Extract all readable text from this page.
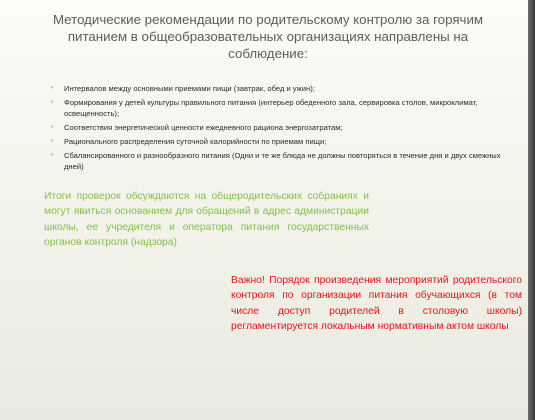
Методические рекомендации по родительскому контролю за горячим
питанием в общеобразовательных организациях направлены на
соблюдение:
• Интервалов между основными приемами пищи (завтрак, обед и ужин);
• Формирования у детей культуры правильного питания (интерьер обеденного зала, сервировка столов, микроклимат, освещенность);
• Соответствия энергетической ценности ежедневного рациона энергозатратам;
• Рационального распределения суточной калорийности по приемам пищи;
• Сбалансированного и разнообразного питания (Одни и те же блюда не должны повторяться в течение дня и двух смежных дней)

Итоги проверок обсуждаются на общеродительских собраниях и могут явиться основанием для обращений в адрес администрации школы, ее учредителя и оператора питания государственных органов контроля (надзора)

Важно! Порядок произведения мероприятий родительского контроля по организации питания обучающихся (в том числе доступ родителей в столовую школы) регламентируется локальным нормативным актом школы
